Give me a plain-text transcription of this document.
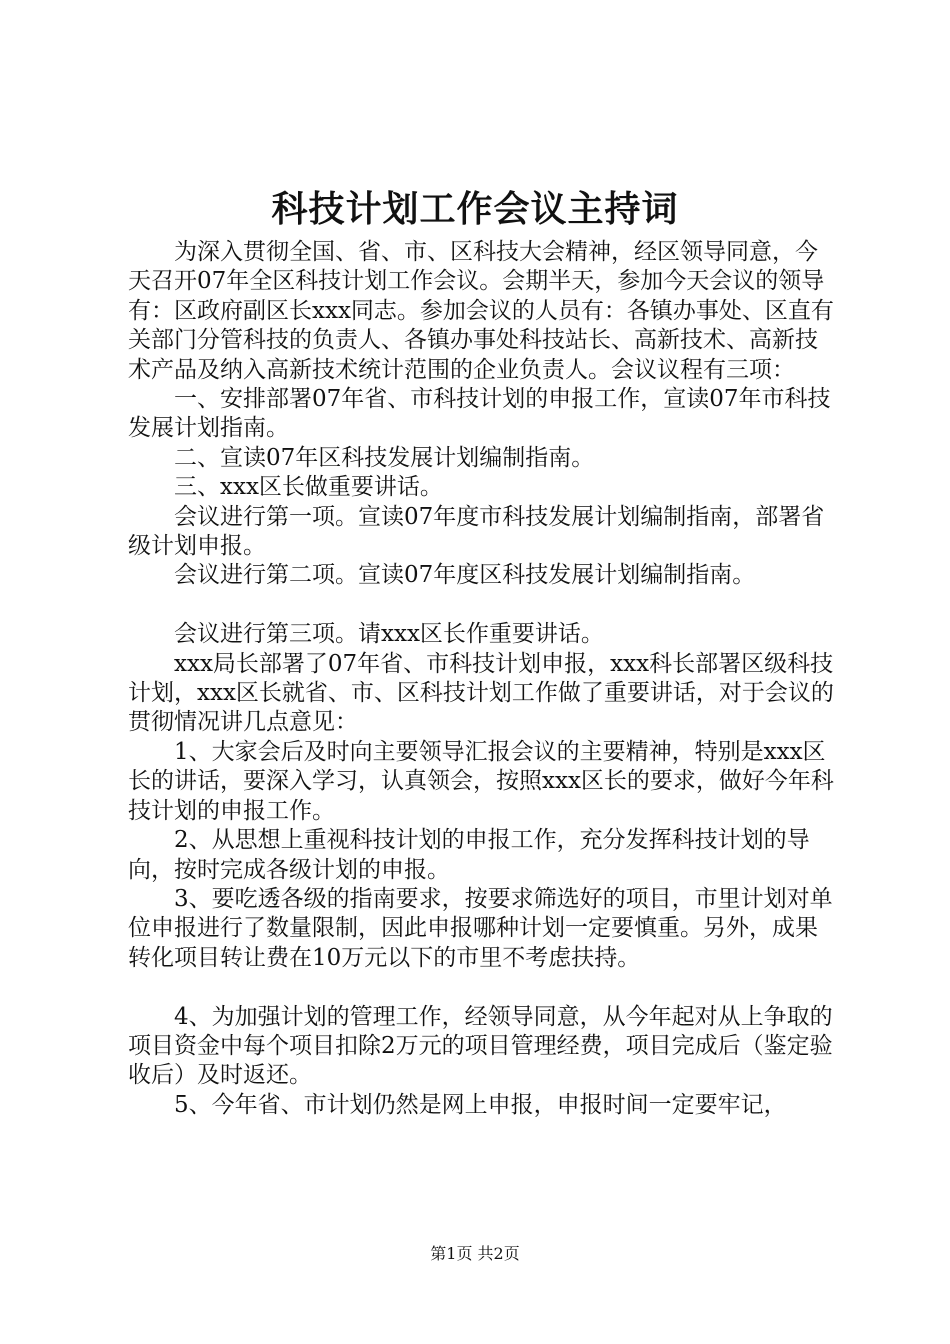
科技计划工作会议主持词

为深入贯彻全国、省、市、区科技大会精神，经区领导同意，今天召开07年全区科技计划工作会议。会期半天，参加今天会议的领导有：区政府副区长xxx同志。参加会议的人员有：各镇办事处、区直有关部门分管科技的负责人、各镇办事处科技站长、高新技术、高新技术产品及纳入高新技术统计范围的企业负责人。会议议程有三项：

一、安排部署07年省、市科技计划的申报工作，宣读07年市科技发展计划指南。

二、宣读07年区科技发展计划编制指南。

三、xxx区长做重要讲话。

会议进行第一项。宣读07年度市科技发展计划编制指南，部署省级计划申报。

会议进行第二项。宣读07年度区科技发展计划编制指南。

会议进行第三项。请xxx区长作重要讲话。

xxx局长部署了07年省、市科技计划申报，xxx科长部署区级科技计划，xxx区长就省、市、区科技计划工作做了重要讲话，对于会议的贯彻情况讲几点意见：

1、大家会后及时向主要领导汇报会议的主要精神，特别是xxx区长的讲话，要深入学习，认真领会，按照xxx区长的要求，做好今年科技计划的申报工作。

2、从思想上重视科技计划的申报工作，充分发挥科技计划的导向，按时完成各级计划的申报。

3、要吃透各级的指南要求，按要求筛选好的项目，市里计划对单位申报进行了数量限制，因此申报哪种计划一定要慎重。另外，成果转化项目转让费在10万元以下的市里不考虑扶持。

4、为加强计划的管理工作，经领导同意，从今年起对从上争取的项目资金中每个项目扣除2万元的项目管理经费，项目完成后（鉴定验收后）及时返还。

5、今年省、市计划仍然是网上申报，申报时间一定要牢记，

第1页 共2页
